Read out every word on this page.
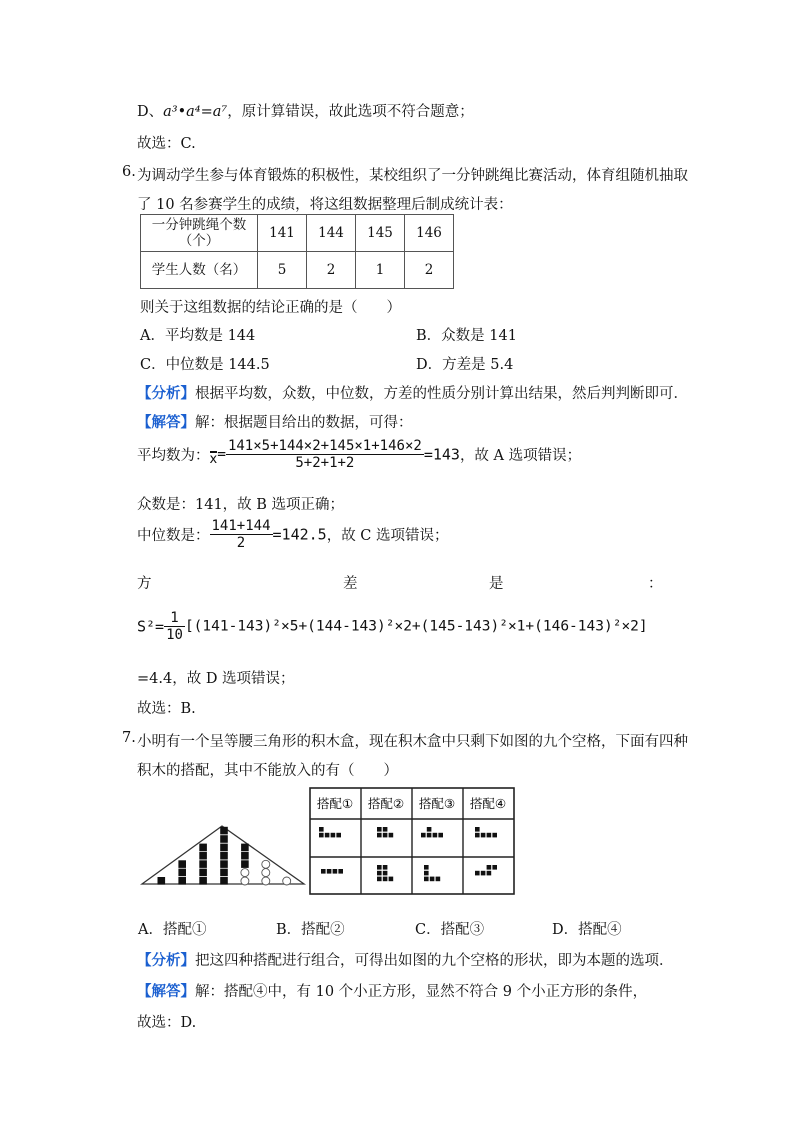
D、a³•a⁴=a⁷，原计算错误，故此选项不符合题意；
故选：C.
6. 为调动学生参与体育锻炼的积极性，某校组织了一分钟跳绳比赛活动，体育组随机抽取
了 10 名参赛学生的成绩，将这组数据整理后制成统计表：
一分钟跳绳个数
（个）	141	144	145	146
学生人数（名）	5	2	1	2
则关于这组数据的结论正确的是（　　）
A．平均数是 144	B．众数是 141
C．中位数是 144.5	D．方差是 5.4
【分析】根据平均数，众数，中位数，方差的性质分别计算出结果，然后判判断即可．
【解答】解：根据题目给出的数据，可得：
平均数为：$x= \frac{141\times 5+144\times 2+145\times 1+146\times 2}{5+2+1+2} =143$，故 A 选项错误；
众数是：141，故 B 选项正确；
中位数是： $\frac{141+144}{2} =142.5$，故 C 选项错误；
方	差	是	：
$S^2= \frac{1}{10} [(141-143)^2\times 5+(144-143)^2\times 2+(145-143)^2\times 1+(146-143)^2\times 2]$
=4.4，故 D 选项错误；
故选：B.
7. 小明有一个呈等腰三角形的积木盒，现在积木盒中只剩下如图的九个空格，下面有四种
积木的搭配，其中不能放入的有（　　）
搭配① 搭配② 搭配③ 搭配④
A．搭配①	B．搭配②	C．搭配③	D．搭配④
【分析】把这四种搭配进行组合，可得出如图的九个空格的形状，即为本题的选项．
【解答】解：搭配④中，有 10 个小正方形，显然不符合 9 个小正方形的条件，
故选：D.
